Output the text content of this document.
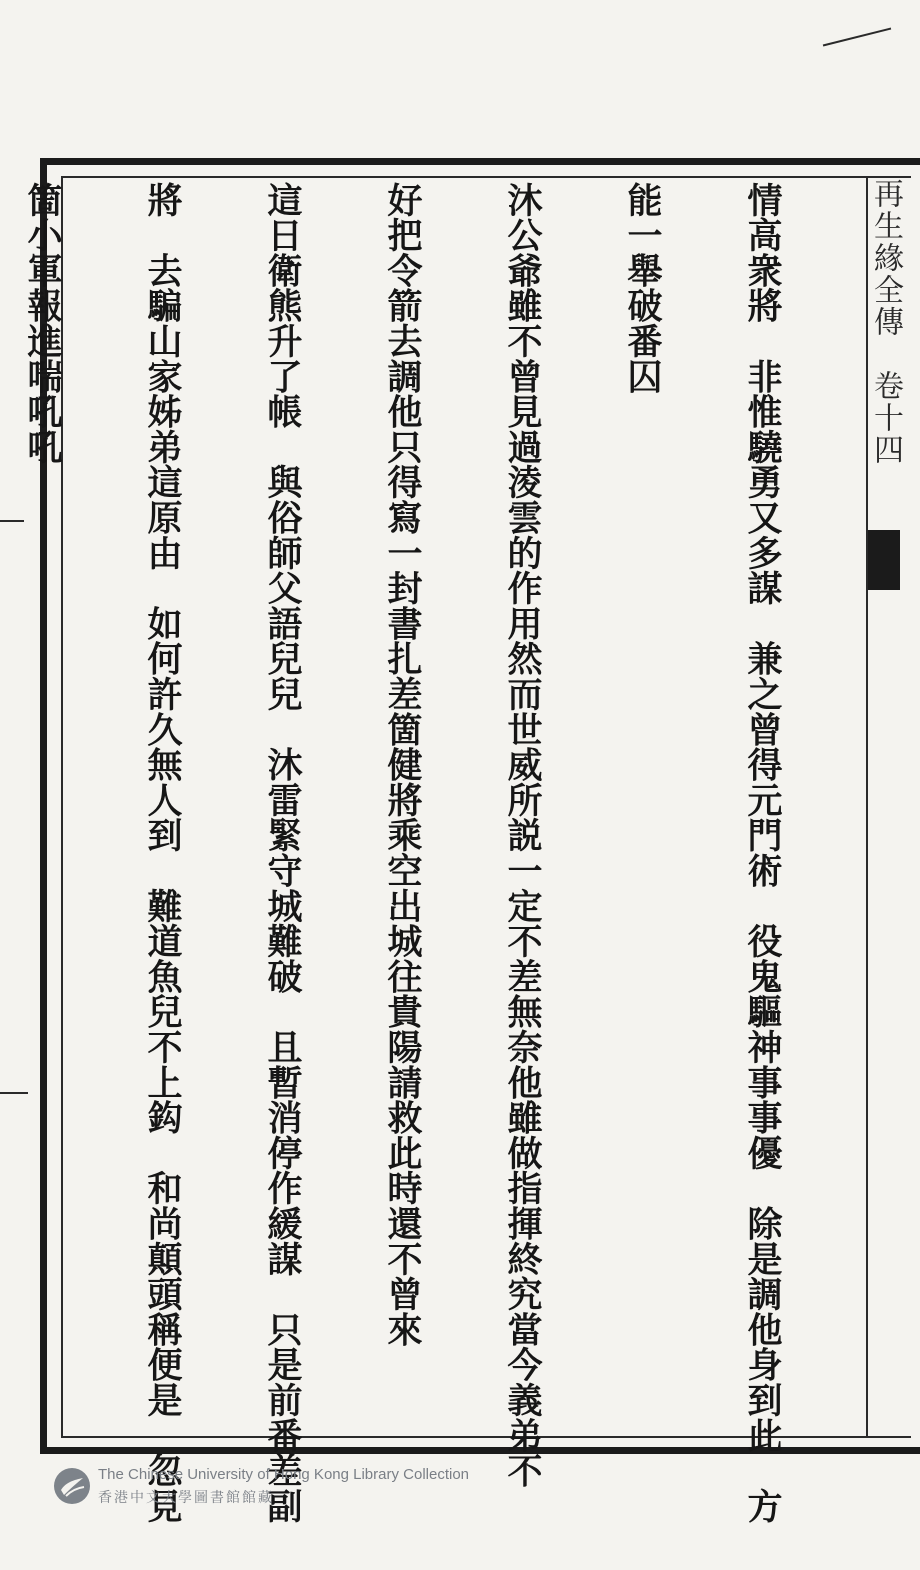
再生緣全傳　卷十四

情高衆將　非惟驍勇又多謀　兼之曾得元門術　役鬼驅神事事優　除是調他身到此　方

能一舉破番囚

沐公爺雖不曾見過淩雲的作用然而世威所説一定不差無奈他雖做指揮終究當今義弟不

好把令箭去調他只得寫一封書扎差箇健將乘空出城往貴陽請救此時還不曾來

這日衛熊升了帳　與俗師父語兒兒　沐雷緊守城難破　且暫消停作緩謀　只是前番差副

將　去騙山家姊弟這原由　如何許久無人到　難道魚兒不上鈎　和尚顛頭稱便是　忽見

箇小軍報進喘吼吼

The Chinese University of Hong Kong Library Collection
香港中文大學圖書館館藏
